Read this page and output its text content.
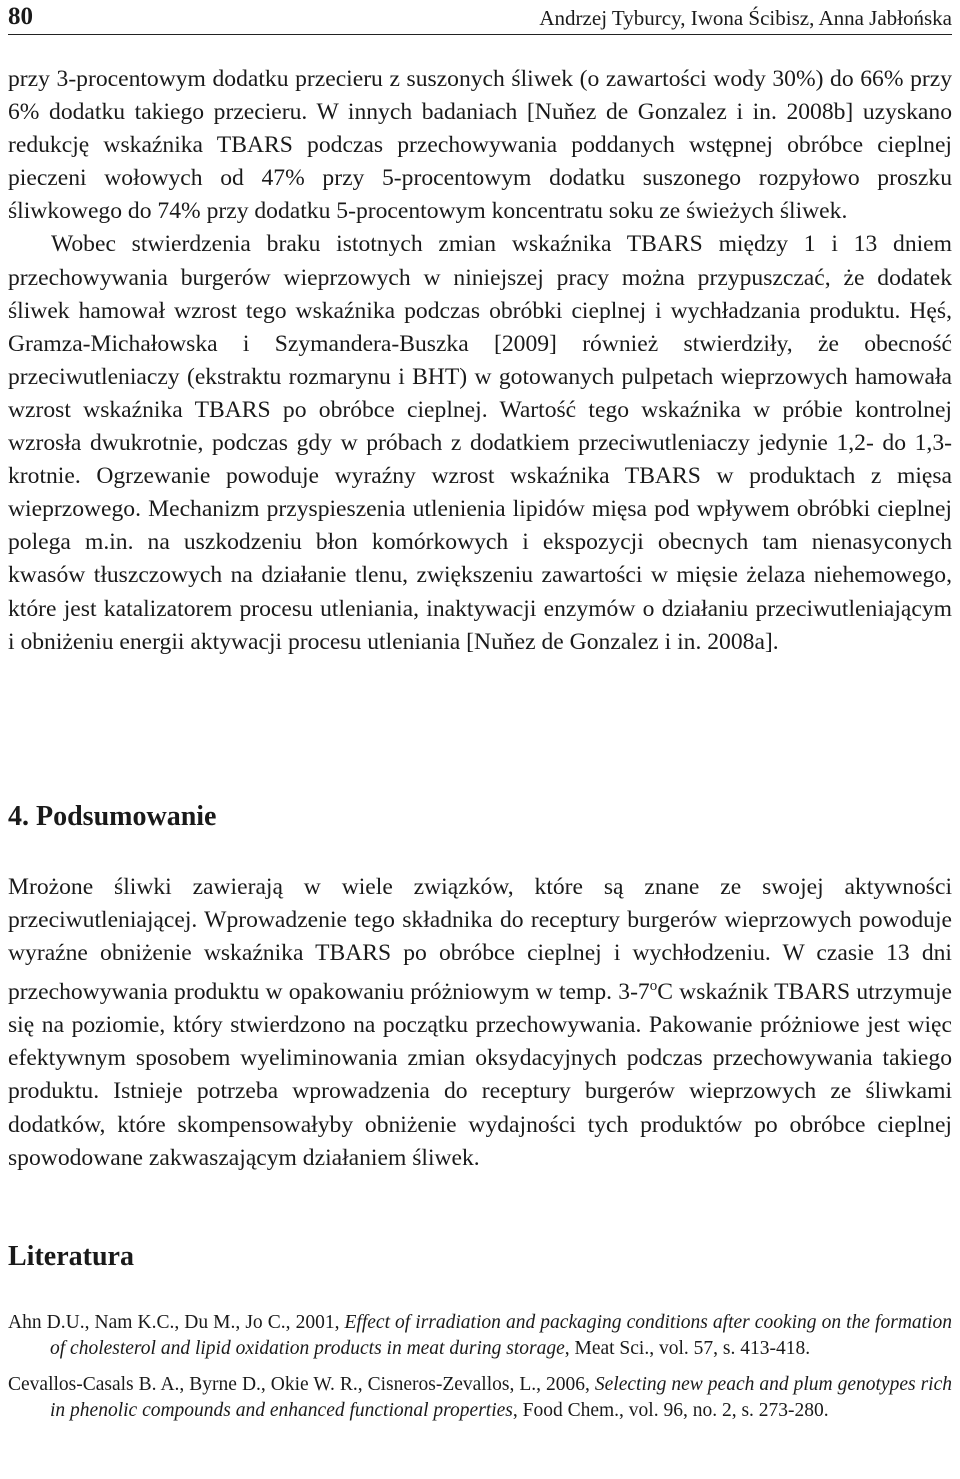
80	Andrzej Tyburcy, Iwona Ścibisz, Anna Jabłońska

przy 3-procentowym dodatku przecieru z suszonych śliwek (o zawartości wody 30%) do 66% przy 6% dodatku takiego przecieru. W innych badaniach [Nuňez de Gonzalez i in. 2008b] uzyskano redukcję wskaźnika TBARS podczas przechowywania poddanych wstępnej obróbce cieplnej pieczeni wołowych od 47% przy 5-procentowym dodatku suszonego rozpyłowo proszku śliwkowego do 74% przy dodatku 5-procentowym koncentratu soku ze świeżych śliwek.

Wobec stwierdzenia braku istotnych zmian wskaźnika TBARS między 1 i 13 dniem przechowywania burgerów wieprzowych w niniejszej pracy można przypuszczać, że dodatek śliwek hamował wzrost tego wskaźnika podczas obróbki cieplnej i wychładzania produktu. Hęś, Gramza-Michałowska i Szymandera-Buszka [2009] również stwierdziły, że obecność przeciwutleniaczy (ekstraktu rozmarynu i BHT) w gotowanych pulpetach wieprzowych hamowała wzrost wskaźnika TBARS po obróbce cieplnej. Wartość tego wskaźnika w próbie kontrolnej wzrosła dwukrotnie, podczas gdy w próbach z dodatkiem przeciwutleniaczy jedynie 1,2- do 1,3-krotnie. Ogrzewanie powoduje wyraźny wzrost wskaźnika TBARS w produktach z mięsa wieprzowego. Mechanizm przyspieszenia utlenienia lipidów mięsa pod wpływem obróbki cieplnej polega m.in. na uszkodzeniu błon komórkowych i ekspozycji obecnych tam nienasyconych kwasów tłuszczowych na działanie tlenu, zwiększeniu zawartości w mięsie żelaza niehemowego, które jest katalizatorem procesu utleniania, inaktywacji enzymów o działaniu przeciwutleniającym i obniżeniu energii aktywacji procesu utleniania [Nuňez de Gonzalez i in. 2008a].

4. Podsumowanie

Mrożone śliwki zawierają w wiele związków, które są znane ze swojej aktywności przeciwutleniającej. Wprowadzenie tego składnika do receptury burgerów wieprzowych powoduje wyraźne obniżenie wskaźnika TBARS po obróbce cieplnej i wychłodzeniu. W czasie 13 dni przechowywania produktu w opakowaniu próżniowym w temp. 3-7$^o$C wskaźnik TBARS utrzymuje się na poziomie, który stwierdzono na początku przechowywania. Pakowanie próżniowe jest więc efektywnym sposobem wyeliminowania zmian oksydacyjnych podczas przechowywania takiego produktu. Istnieje potrzeba wprowadzenia do receptury burgerów wieprzowych ze śliwkami dodatków, które skompensowałyby obniżenie wydajności tych produktów po obróbce cieplnej spowodowane zakwaszającym działaniem śliwek.

Literatura

Ahn D.U., Nam K.C., Du M., Jo C., 2001, Effect of irradiation and packaging conditions after cooking on the formation of cholesterol and lipid oxidation products in meat during storage, Meat Sci., vol. 57, s. 413-418.

Cevallos-Casals B. A., Byrne D., Okie W. R., Cisneros-Zevallos, L., 2006, Selecting new peach and plum genotypes rich in phenolic compounds and enhanced functional properties, Food Chem., vol. 96, no. 2, s. 273-280.
